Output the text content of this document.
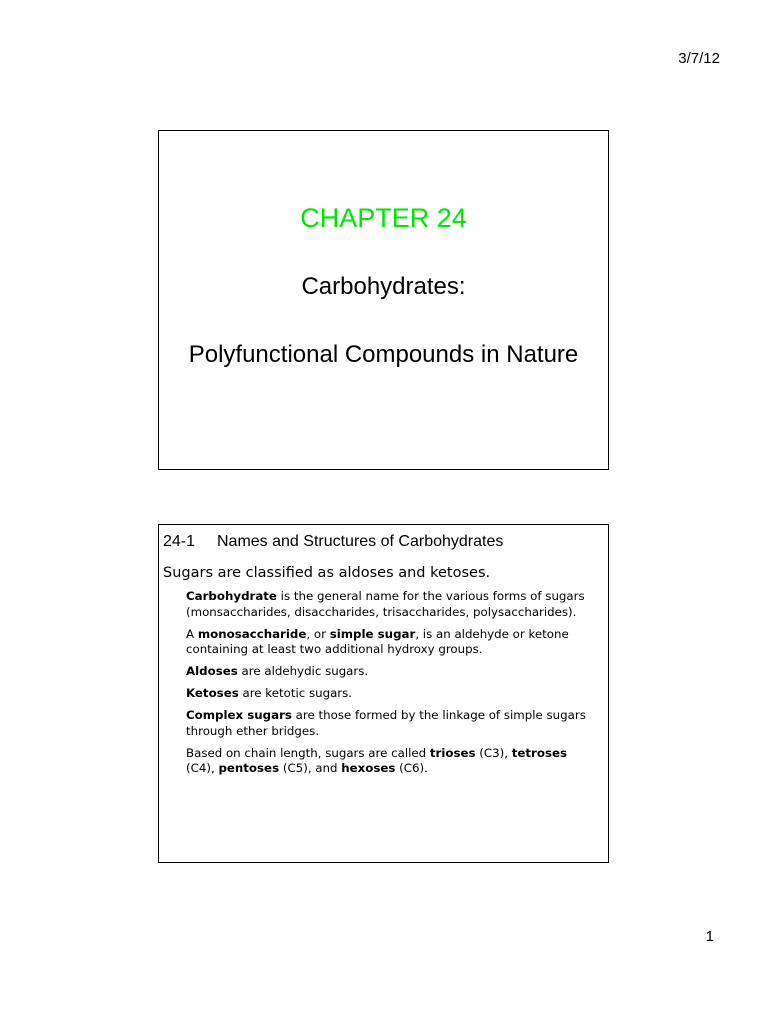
3/7/12
CHAPTER 24

Carbohydrates:

Polyfunctional Compounds in Nature

24-1 Names and Structures of Carbohydrates
Sugars are classified as aldoses and ketoses.

Carbohydrate is the general name for the various forms of sugars (monsaccharides, disaccharides, trisaccharides, polysaccharides).

A monosaccharide, or simple sugar, is an aldehyde or ketone containing at least two additional hydroxy groups.

Aldoses are aldehydic sugars.

Ketoses are ketotic sugars.

Complex sugars are those formed by the linkage of simple sugars through ether bridges.

Based on chain length, sugars are called trioses (C3), tetroses (C4), pentoses (C5), and hexoses (C6).

1
